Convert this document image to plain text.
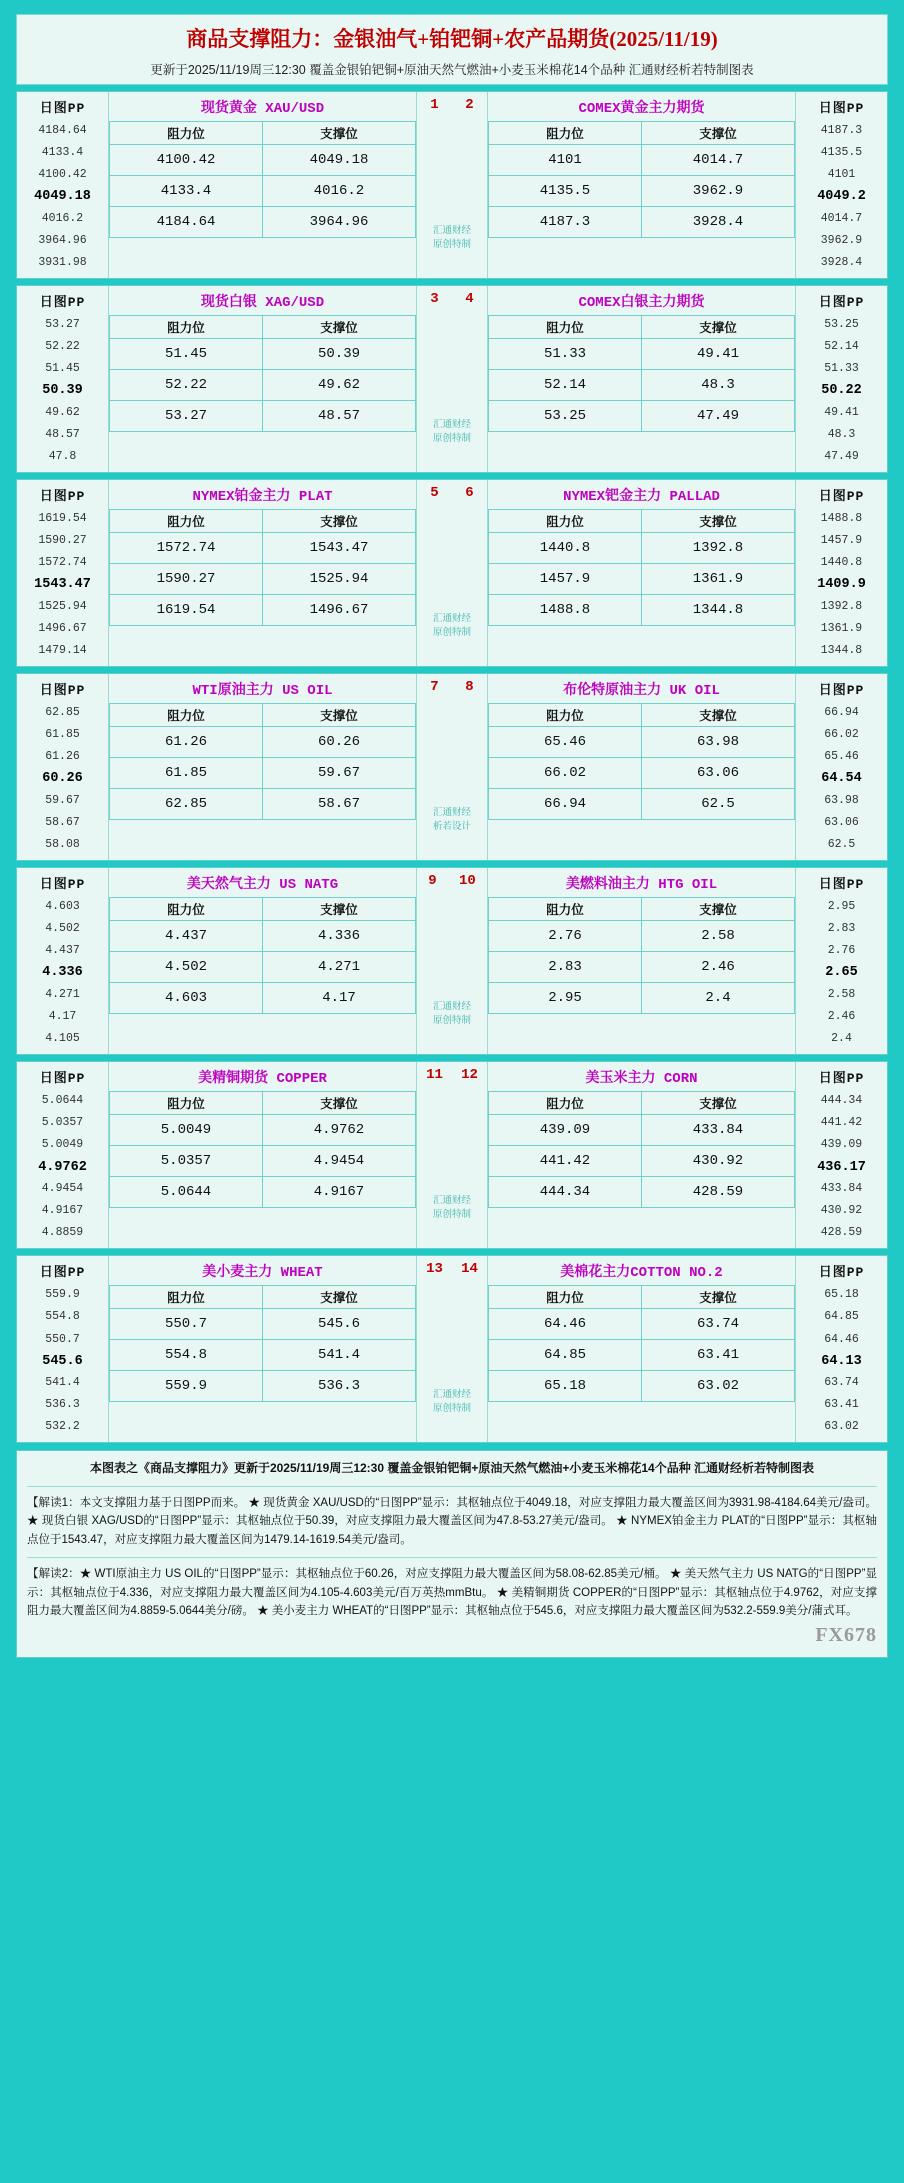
商品支撑阻力：金银油气+铂钯铜+农产品期货(2025/11/19)
更新于2025/11/19周三12:30 覆盖金银铂钯铜+原油天然气燃油+小麦玉米棉花14个品种 汇通财经析若特制图表
日图PP
4184.64
4133.4
4100.42
4049.18
4016.2
3964.96
3931.98
现货黄金 XAU/USD
阻力位	支撑位
4100.42	4049.18
4133.4	4016.2
4184.64	3964.96
1 2
汇通财经
原创特制
COMEX黄金主力期货
阻力位	支撑位
4101	4014.7
4135.5	3962.9
4187.3	3928.4
日图PP
4187.3
4135.5
4101
4049.2
4014.7
3962.9
3928.4
日图PP
53.27
52.22
51.45
50.39
49.62
48.57
47.8
现货白银 XAG/USD
阻力位	支撑位
51.45	50.39
52.22	49.62
53.27	48.57
3 4
汇通财经
原创特制
COMEX白银主力期货
阻力位	支撑位
51.33	49.41
52.14	48.3
53.25	47.49
日图PP
53.25
52.14
51.33
50.22
49.41
48.3
47.49
日图PP
1619.54
1590.27
1572.74
1543.47
1525.94
1496.67
1479.14
NYMEX铂金主力 PLAT
阻力位	支撑位
1572.74	1543.47
1590.27	1525.94
1619.54	1496.67
5 6
汇通财经
原创特制
NYMEX钯金主力 PALLAD
阻力位	支撑位
1440.8	1392.8
1457.9	1361.9
1488.8	1344.8
日图PP
1488.8
1457.9
1440.8
1409.9
1392.8
1361.9
1344.8
日图PP
62.85
61.85
61.26
60.26
59.67
58.67
58.08
WTI原油主力 US OIL
阻力位	支撑位
61.26	60.26
61.85	59.67
62.85	58.67
7 8
汇通财经
析若设计
布伦特原油主力 UK OIL
阻力位	支撑位
65.46	63.98
66.02	63.06
66.94	62.5
日图PP
66.94
66.02
65.46
64.54
63.98
63.06
62.5
日图PP
4.603
4.502
4.437
4.336
4.271
4.17
4.105
美天然气主力 US NATG
阻力位	支撑位
4.437	4.336
4.502	4.271
4.603	4.17
9 10
汇通财经
原创特制
美燃料油主力 HTG OIL
阻力位	支撑位
2.76	2.58
2.83	2.46
2.95	2.4
日图PP
2.95
2.83
2.76
2.65
2.58
2.46
2.4
日图PP
5.0644
5.0357
5.0049
4.9762
4.9454
4.9167
4.8859
美精铜期货 COPPER
阻力位	支撑位
5.0049	4.9762
5.0357	4.9454
5.0644	4.9167
11 12
汇通财经
原创特制
美玉米主力 CORN
阻力位	支撑位
439.09	433.84
441.42	430.92
444.34	428.59
日图PP
444.34
441.42
439.09
436.17
433.84
430.92
428.59
日图PP
559.9
554.8
550.7
545.6
541.4
536.3
532.2
美小麦主力 WHEAT
阻力位	支撑位
550.7	545.6
554.8	541.4
559.9	536.3
13 14
汇通财经
原创特制
美棉花主力COTTON NO.2
阻力位	支撑位
64.46	63.74
64.85	63.41
65.18	63.02
日图PP
65.18
64.85
64.46
64.13
63.74
63.41
63.02
本图表之《商品支撑阻力》更新于2025/11/19周三12:30 覆盖金银铂钯铜+原油天然气燃油+小麦玉米棉花14个品种 汇通财经析若特制图表
【解读1：本文支撑阻力基于日图PP而来。 ★ 现货黄金 XAU/USD的“日图PP”显示：其枢轴点位于4049.18，对应支撑阻力最大覆盖区间为3931.98-4184.64美元/盎司。 ★ 现货白银 XAG/USD的“日图PP”显示：其枢轴点位于50.39，对应支撑阻力最大覆盖区间为47.8-53.27美元/盎司。 ★ NYMEX铂金主力 PLAT的“日图PP”显示：其枢轴点位于1543.47，对应支撑阻力最大覆盖区间为1479.14-1619.54美元/盎司。
【解读2：★ WTI原油主力 US OIL的“日图PP”显示：其枢轴点位于60.26，对应支撑阻力最大覆盖区间为58.08-62.85美元/桶。 ★ 美天然气主力 US NATG的“日图PP”显示：其枢轴点位于4.336，对应支撑阻力最大覆盖区间为4.105-4.603美元/百万英热mmBtu。 ★ 美精铜期货 COPPER的“日图PP”显示：其枢轴点位于4.9762，对应支撑阻力最大覆盖区间为4.8859-5.0644美分/磅。 ★ 美小麦主力 WHEAT的“日图PP”显示：其枢轴点位于545.6，对应支撑阻力最大覆盖区间为532.2-559.9美分/蒲式耳。
FX678
